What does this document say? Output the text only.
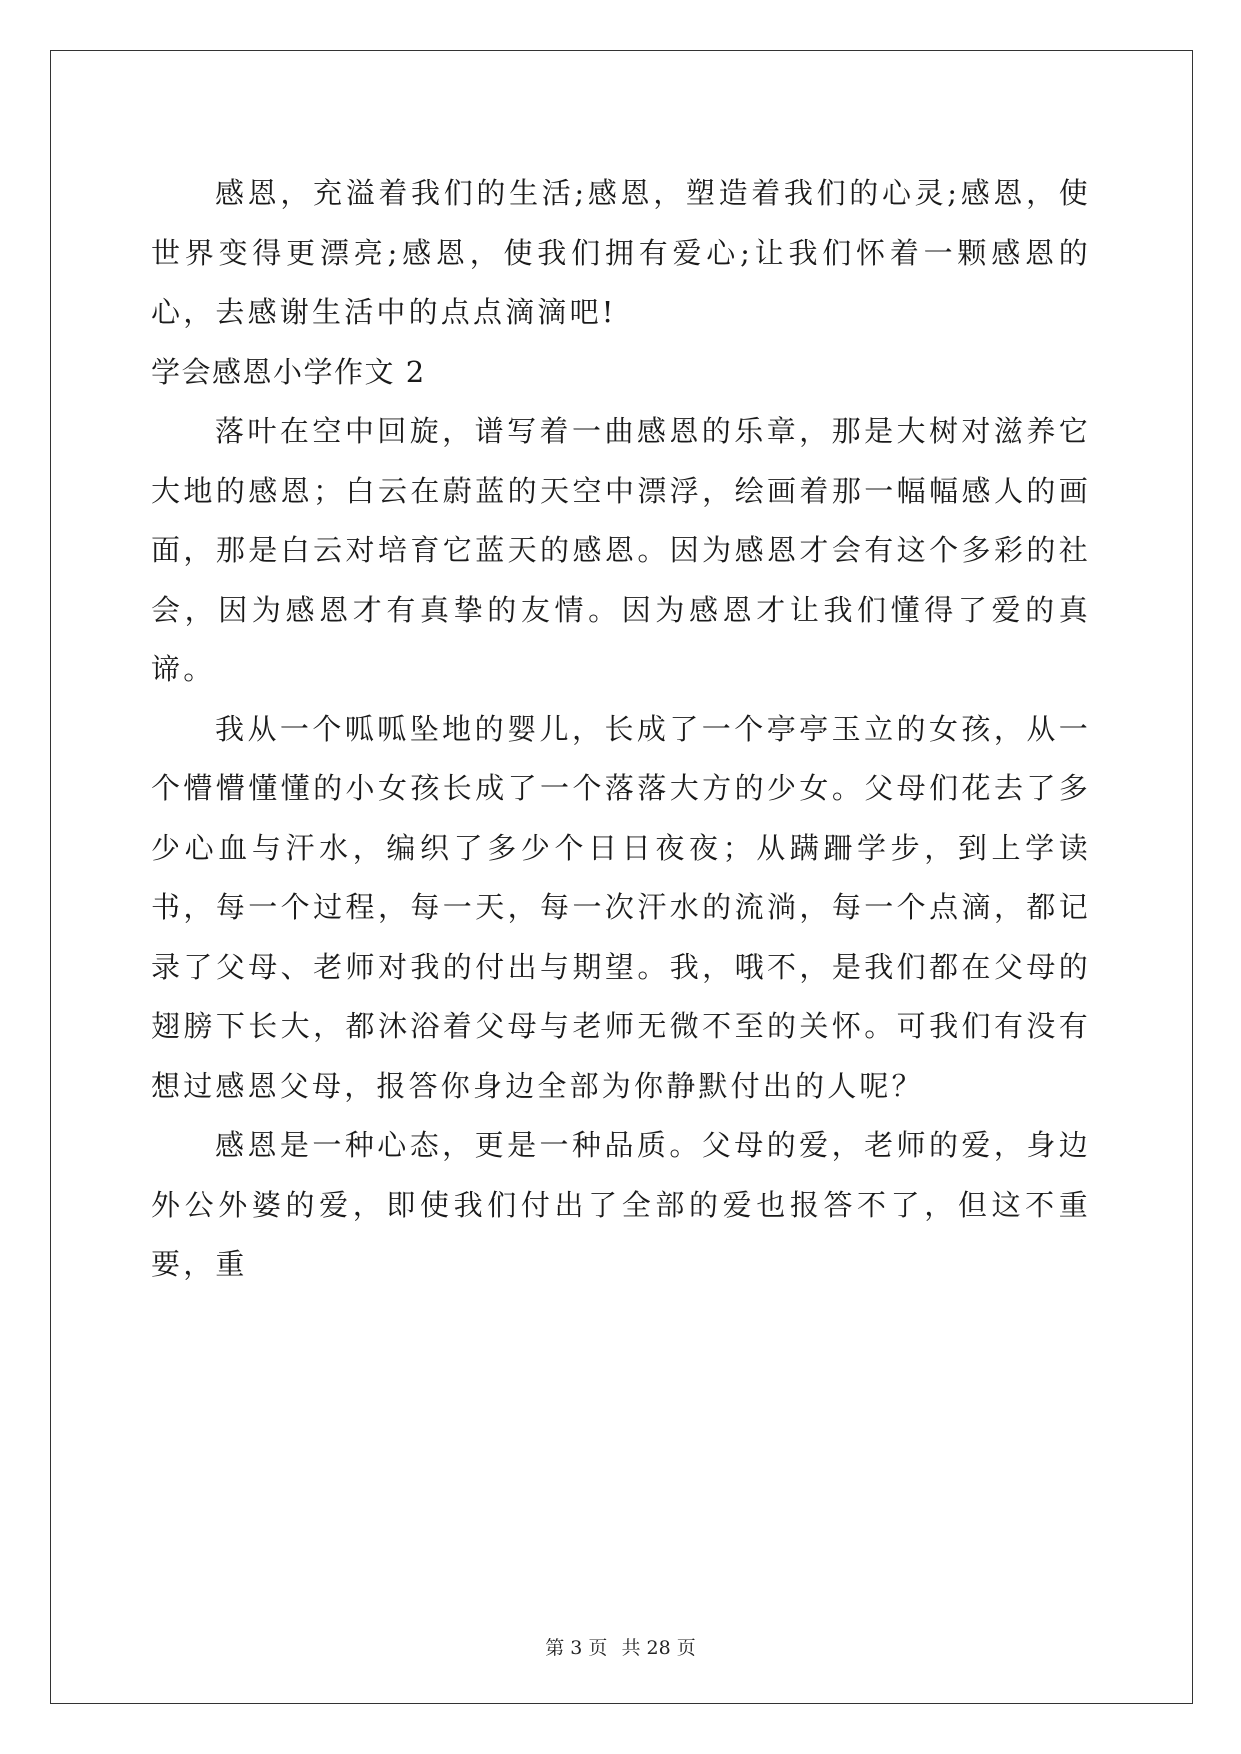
感恩，充溢着我们的生活;感恩，塑造着我们的心灵;感恩，使世界变得更漂亮;感恩，使我们拥有爱心;让我们怀着一颗感恩的心，去感谢生活中的点点滴滴吧!

学会感恩小学作文 2

落叶在空中回旋，谱写着一曲感恩的乐章，那是大树对滋养它大地的感恩；白云在蔚蓝的天空中漂浮，绘画着那一幅幅感人的画面，那是白云对培育它蓝天的感恩。因为感恩才会有这个多彩的社会，因为感恩才有真挚的友情。因为感恩才让我们懂得了爱的真谛。

我从一个呱呱坠地的婴儿，长成了一个亭亭玉立的女孩，从一个懵懵懂懂的小女孩长成了一个落落大方的少女。父母们花去了多少心血与汗水，编织了多少个日日夜夜；从蹒跚学步，到上学读书，每一个过程，每一天，每一次汗水的流淌，每一个点滴，都记录了父母、老师对我的付出与期望。我，哦不，是我们都在父母的翅膀下长大，都沐浴着父母与老师无微不至的关怀。可我们有没有想过感恩父母，报答你身边全部为你静默付出的人呢？

感恩是一种心态，更是一种品质。父母的爱，老师的爱，身边外公外婆的爱，即使我们付出了全部的爱也报答不了，但这不重要，重

第 3 页 共 28 页
